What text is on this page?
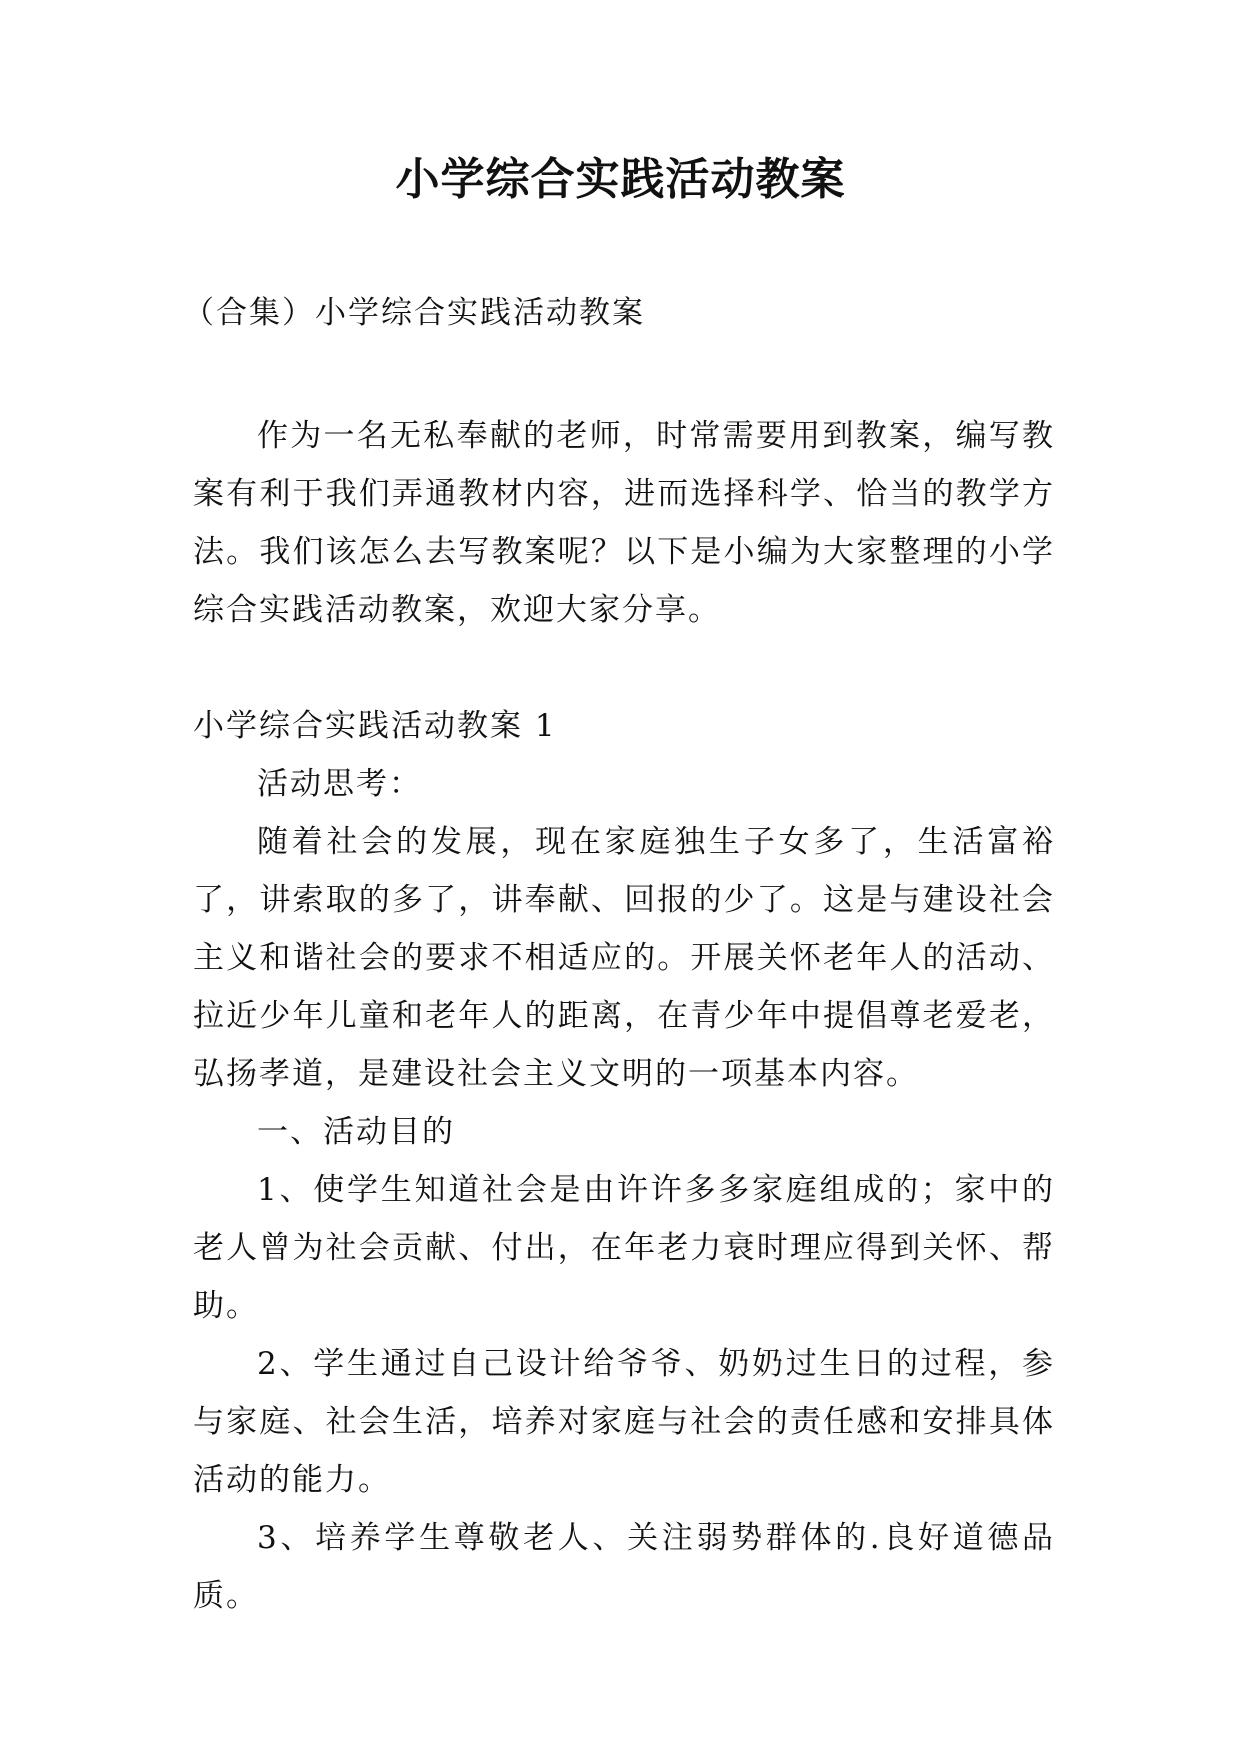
小学综合实践活动教案
（合集）小学综合实践活动教案

作为一名无私奉献的老师，时常需要用到教案，编写教案有利于我们弄通教材内容，进而选择科学、恰当的教学方法。我们该怎么去写教案呢？以下是小编为大家整理的小学综合实践活动教案，欢迎大家分享。

小学综合实践活动教案 1

活动思考：

随着社会的发展，现在家庭独生子女多了，生活富裕了，讲索取的多了，讲奉献、回报的少了。这是与建设社会主义和谐社会的要求不相适应的。开展关怀老年人的活动、拉近少年儿童和老年人的距离，在青少年中提倡尊老爱老，弘扬孝道，是建设社会主义文明的一项基本内容。

一、活动目的

1、使学生知道社会是由许许多多家庭组成的；家中的老人曾为社会贡献、付出，在年老力衰时理应得到关怀、帮助。

2、学生通过自己设计给爷爷、奶奶过生日的过程，参与家庭、社会生活，培养对家庭与社会的责任感和安排具体活动的能力。

3、培养学生尊敬老人、关注弱势群体的.良好道德品质。
